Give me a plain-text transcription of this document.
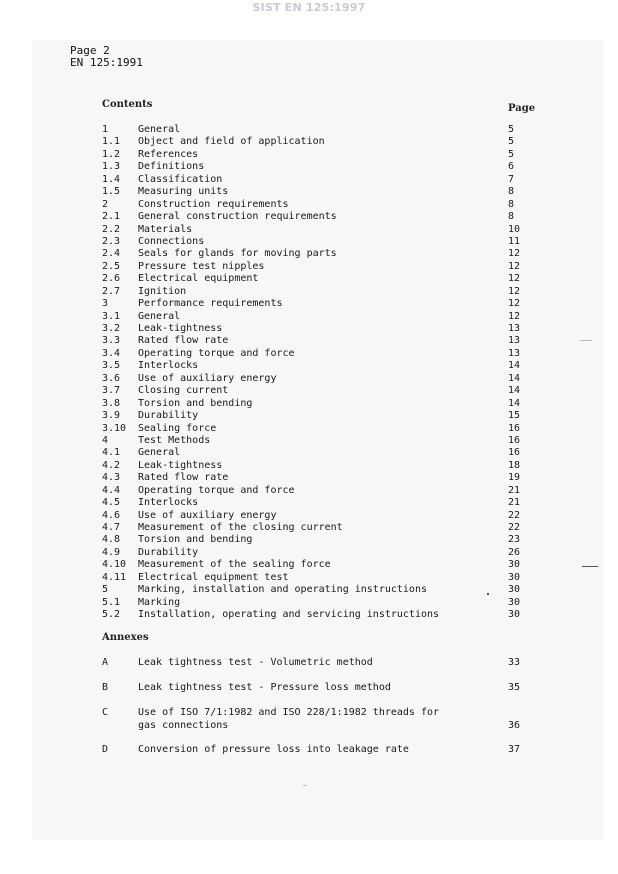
SIST EN 125:1997
Page 2
EN 125:1991
Contents	Page
1	General	5
1.1 Object and field of application	5
1.2 References	5
1.3 Definitions	6
1.4 Classification	7
1.5 Measuring units	8
2	Construction requirements	8
2.1 General construction requirements	8
2.2 Materials	10
2.3 Connections	11
2.4 Seals for glands for moving parts	12
2.5 Pressure test nipples	12
2.6 Electrical equipment	12
2.7 Ignition	12
3	Performance requirements	12
3.1 General	12
3.2 Leak-tightness	13
3.3 Rated flow rate	13
3.4 Operating torque and force	13
3.5 Interlocks	14
3.6 Use of auxiliary energy	14
3.7 Closing current	14
3.8 Torsion and bending	14
3.9 Durability	15
3.10 Sealing force	16
4	Test Methods	16
4.1 General	16
4.2 Leak-tightness	18
4.3 Rated flow rate	19
4.4 Operating torque and force	21
4.5 Interlocks	21
4.6 Use of auxiliary energy	22
4.7 Measurement of the closing current	22
4.8 Torsion and bending	23
4.9 Durability	26
4.10 Measurement of the sealing force	30
4.11 Electrical equipment test	30
5	Marking, installation and operating instructions	30
5.1 Marking	30
5.2 Installation, operating and servicing instructions	30
Annexes
A	Leak tightness test - Volumetric method	33
B	Leak tightness test - Pressure loss method	35
C	Use of ISO 7/1:1982 and ISO 228/1:1982 threads for
gas connections	36
D	Conversion of pressure loss into leakage rate	37
